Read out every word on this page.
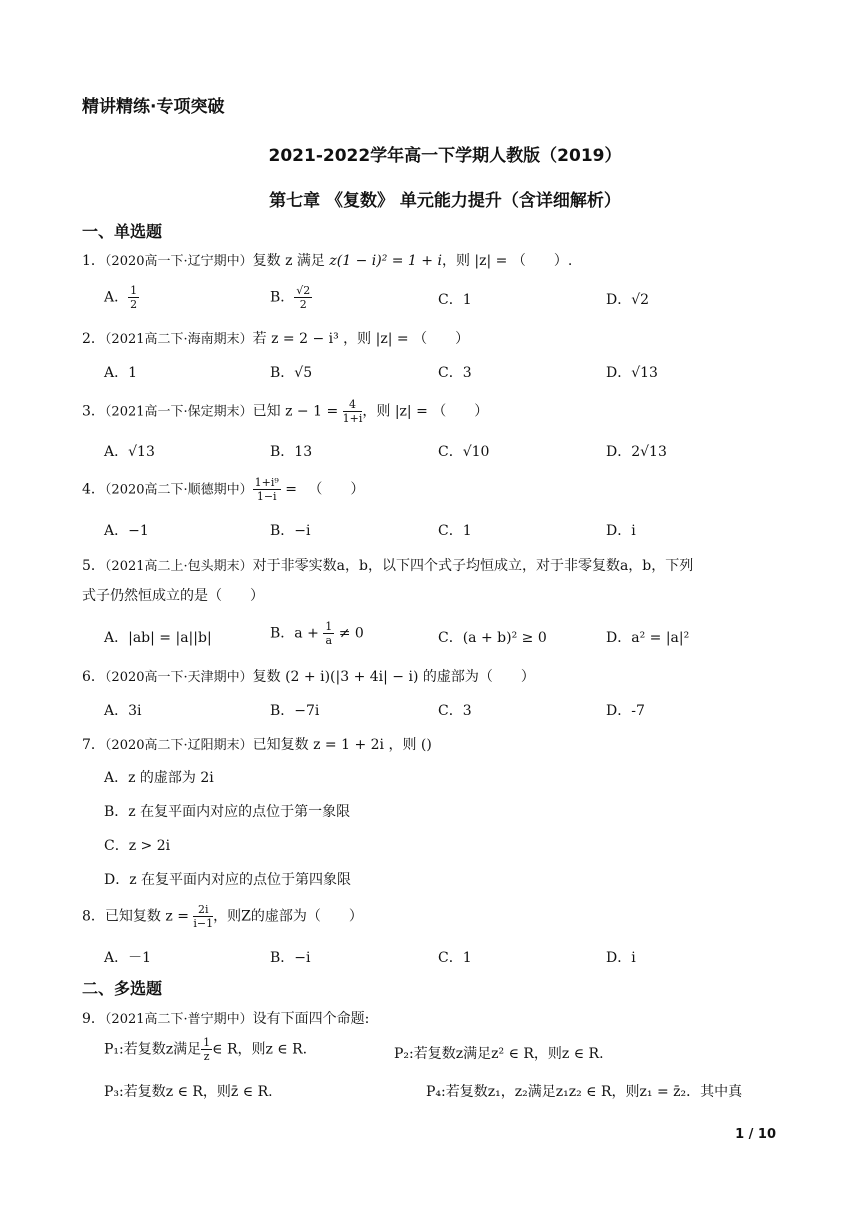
精讲精练·专项突破
2021-2022学年高一下学期人教版（2019）
第七章 《复数》 单元能力提升（含详细解析）
一、单选题
1．（2020高一下·辽宁期中）复数 z 满足 z(1 − i)² = 1 + i，则 |z| = （　　）.
A． $\frac{1}{2}$	B． $\frac{√2}{2}$	C．1	D．√2
2．（2021高二下·海南期末）若 z = 2 − i³ ，则 |z| = （　　）
A．1	B．√5	C．3	D．√13
3．（2021高一下·保定期末）已知 $z - 1 = \frac{4}{1+i}$ ，则 |z| = （　　）
A．√13	B．13	C．√10	D．2√13
4．（2020高二下·顺德期中） $\frac{\text{1+i⁹}}{1-i}$ = 　（　　）
A．−1	B．−i	C．1	D．i
5．（2021高二上·包头期末）对于非零实数a，b，以下四个式子均恒成立，对于非零复数a，b，下列
式子仍然恒成立的是（　　）
A．|ab| = |a||b|	B．$a + \frac{1}{a} \ne 0$	C．(a + b)² ≥ 0	D．a² = |a|²
6．（2020高一下·天津期中）复数 (2 + i)(|3 + 4i| − i) 的虚部为（　　）
A．3i	B．−7i	C．3	D．-7
7．（2020高二下·辽阳期末）已知复数 z = 1 + 2i ，则 ()
A．z 的虚部为 2i
B．z 在复平面内对应的点位于第一象限
C．z > 2i
D．z 在复平面内对应的点位于第四象限
8．已知复数 $z = \frac{2i}{i-1}$ ，则Z的虚部为（　　）
A．－1	B．−i	C．1	D．i
二、多选题
9．（2021高二下·普宁期中）设有下面四个命题:
P₁:若复数z满足 $\frac{1}{z}$ ∈ R，则z ∈ R.	P₂:若复数z满足z² ∈ R，则z ∈ R.
P₃:若复数z ∈ R，则z̄ ∈ R.	P₄:若复数z₁，z₂满足z₁z₂ ∈ R，则z₁ = z̄₂．其中真
1 / 10
